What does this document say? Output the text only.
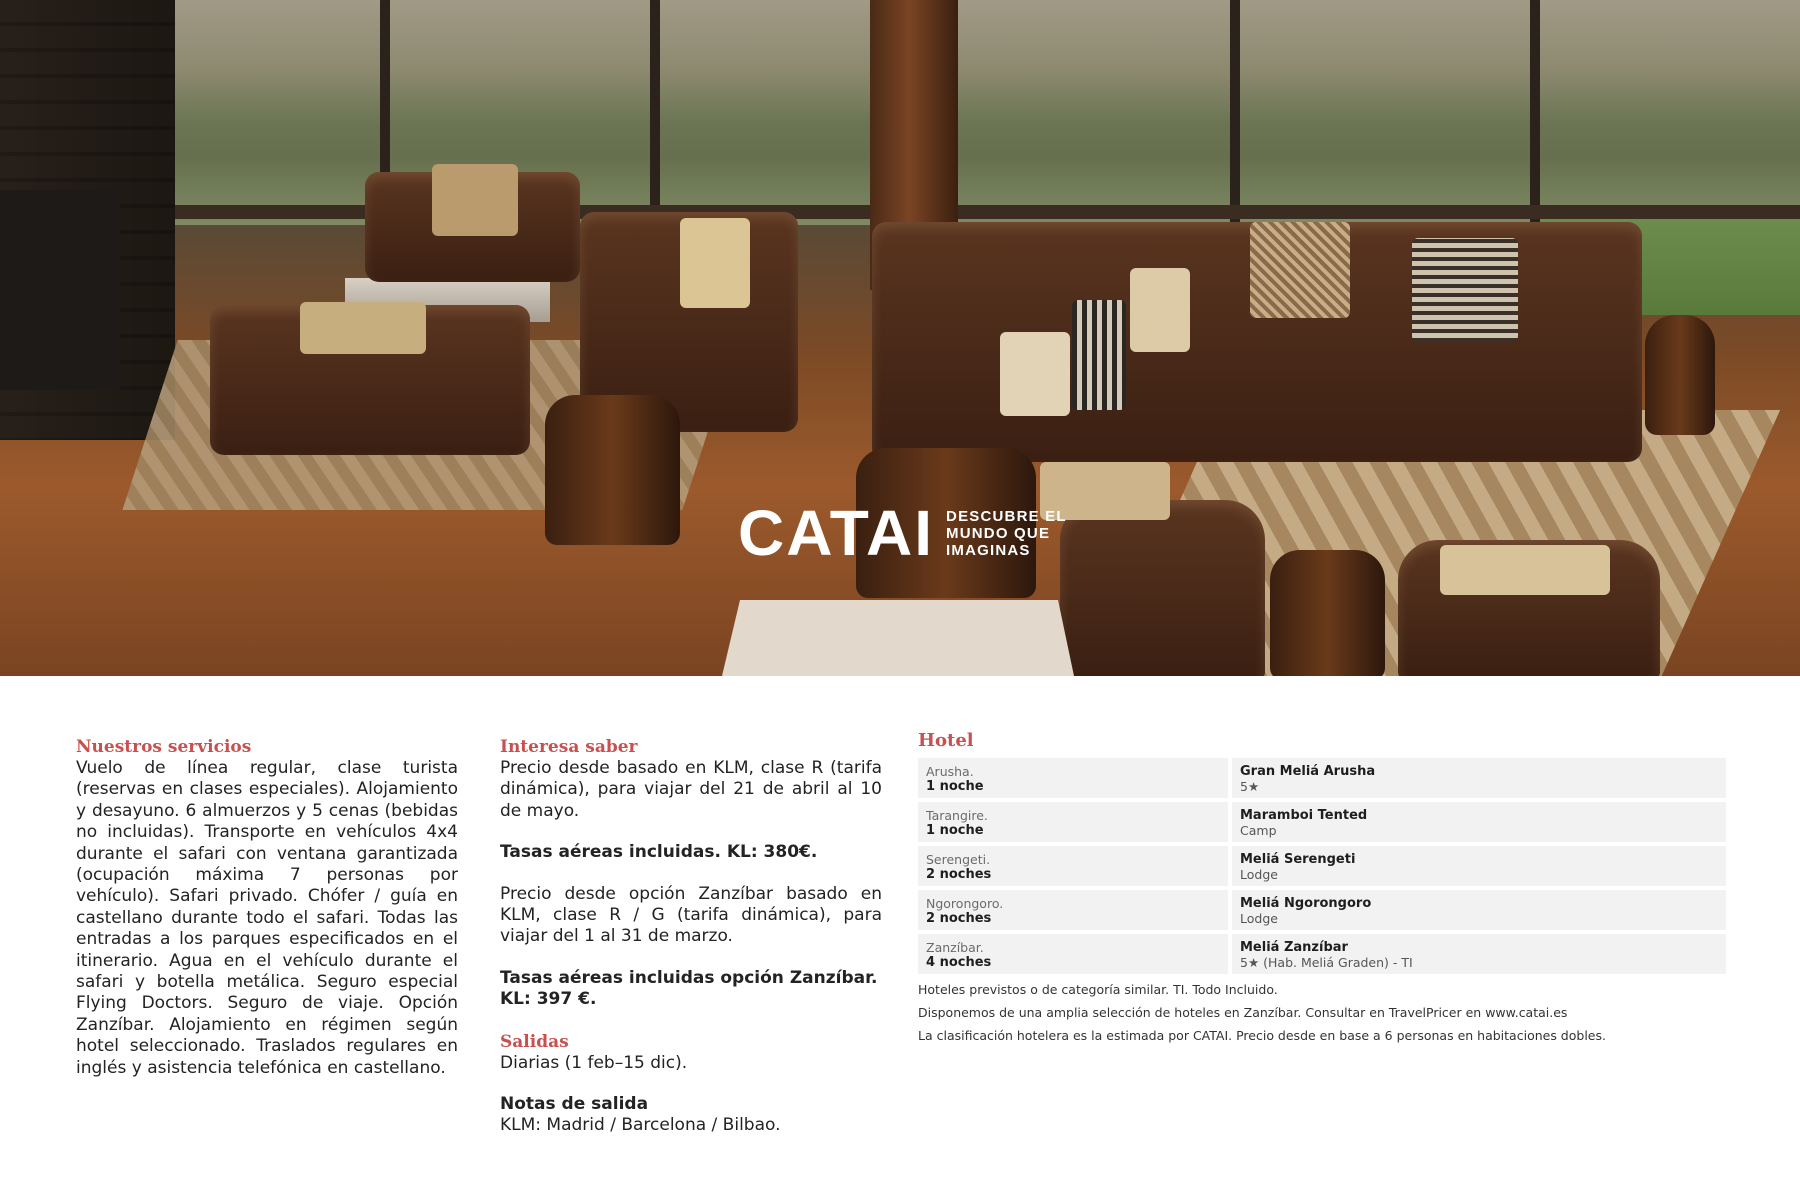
CATAI DESCUBRE EL
MUNDO QUE
IMAGINAS
Nuestros servicios

Vuelo de línea regular, clase turista (reservas en clases especiales). Alojamiento y desayuno. 6 almuerzos y 5 cenas (bebidas no incluidas). Transporte en vehículos 4x4 durante el safari con ventana garantizada (ocupación máxima 7 personas por vehículo). Safari privado. Chófer / guía en castellano durante todo el safari. Todas las entradas a los parques especificados en el itinerario. Agua en el vehículo durante el safari y botella metálica. Seguro especial Flying Doctors. Seguro de viaje. Opción Zanzíbar. Alojamiento en régimen según hotel seleccionado. Traslados regulares en inglés y asistencia telefónica en castellano.

Interesa saber

Precio desde basado en KLM, clase R (tarifa dinámica), para viajar del 21 de abril al 10 de mayo.

Tasas aéreas incluidas. KL: 380€.

Precio desde opción Zanzíbar basado en KLM, clase R / G (tarifa dinámica), para viajar del 1 al 31 de marzo.

Tasas aéreas incluidas opción Zanzíbar. KL: 397 €.

Salidas

Diarias (1 feb–15 dic).

Notas de salida

KLM: Madrid / Barcelona / Bilbao.

Hotel
Arusha.
1 noche
Gran Meliá Arusha
5★
Tarangire.
1 noche
Maramboi Tented
Camp
Serengeti.
2 noches
Meliá Serengeti
Lodge
Ngorongoro.
2 noches
Meliá Ngorongoro
Lodge
Zanzíbar.
4 noches
Meliá Zanzíbar
5★ (Hab. Meliá Graden) - TI
Hoteles previstos o de categoría similar. TI. Todo Incluido.
Disponemos de una amplia selección de hoteles en Zanzíbar. Consultar en TravelPricer en www.catai.es
La clasificación hotelera es la estimada por CATAI. Precio desde en base a 6 personas en habitaciones dobles.
